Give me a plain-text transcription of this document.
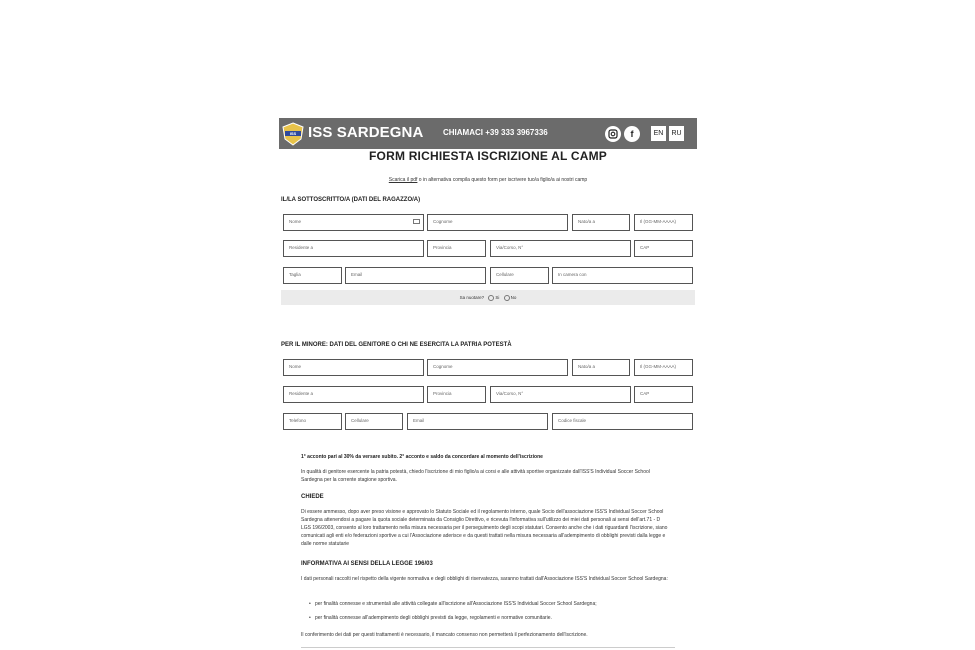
ISS ISS SARDEGNA CHIAMACI +39 333 3967336	f	EN	RU
FORM RICHIESTA ISCRIZIONE AL CAMP
Scarica il pdf o in alternativa compila questo form per iscrivere tuo/a figlio/a ai nostri camp
IL/LA SOTTOSCRITTO/A (DATI DEL RAGAZZO/A)
Nome	Cognome	Nato/a a	Il (GG-MM-AAAA)
Residente a	Provincia	Via/Corso, N°	CAP
Taglia	Email	Cellulare	In camera con
Sa nuotare?	Si	No
PER IL MINORE: DATI DEL GENITORE O CHI NE ESERCITA LA PATRIA POTESTÀ
Nome	Cognome	Nato/a a	Il (GG-MM-AAAA)
Residente a	Provincia	Via/Corso, N°	CAP
Telefono	Cellulare	Email	Codice fiscale
1° acconto pari al 30% da versare subito. 2° acconto e saldo da concordare al momento dell'iscrizione
In qualità di genitore esercente la patria potestà, chiedo l'iscrizione di mio figlio/a ai corsi e alle attività sportive organizzate dall'ISS'S Individual Soccer School Sardegna per la corrente stagione sportiva.
CHIEDE
Di essere ammesso, dopo aver preso visione e approvato lo Statuto Sociale ed il regolamento interno, quale Socio dell'associazione ISS'S Individual Soccer School Sardegna attenendosi a pagare la quota sociale determinata da Consiglio Direttivo, e ricevuta l'informativa sull'utilizzo dei miei dati personali ai sensi dell'art.71 - D LGS 196/2003, consento al loro trattamento nella misura necessaria per il perseguimento degli scopi statutari. Consento anche che i dati riguardanti l'iscrizione, siano comunicati agli enti e/o federazioni sportive a cui l'Associazione aderisce e da questi trattati nella misura necessaria all'adempimento di obblighi previsti dalla legge e dalle norme statutarie
INFORMATIVA AI SENSI DELLA LEGGE 196/03
I dati personali raccolti nel rispetto della vigente normativa e degli obblighi di riservatezza, saranno trattati dall'Associazione ISS'S Individual Soccer School Sardegna:
• per finalità connesse e strumentali alle attività collegate all'iscrizione all'Associazione ISS'S Individual Soccer School Sardegna;
• per finalità connesse all'adempimento degli obblighi previsti da legge, regolamenti e normative comunitarie.
Il conferimento dei dati per questi trattamenti è necessario, il mancato consenso non permetterà il perfezionamento dell'iscrizione.
